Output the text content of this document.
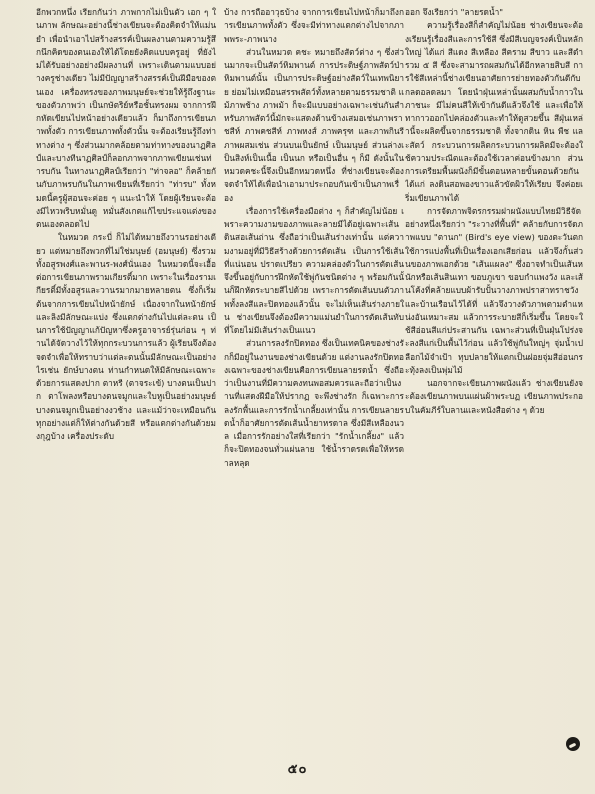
อีกพวกหนึ่ง เรียกกันว่า ภาพกากไม่เป็นตัว เอก ๆ ในภาพ ลักษณะอย่างนี้ช่างเขียนจะต้องคิดจำให้แม่นยำ เพื่อนำเอาไปสร้างสรรค์เป็นผลงานตามความรู้สึกนึกคิดของตนเองให้ได้โดยยังคิดแบบครูอยู่ ที่ยังไม่ได้รับอย่างอย่างมีผลงานที่ เพราะเดินตามแบบอย่างครูช่างเดียว ไม่มีปัญญาสร้างสรรค์เป็นฝีมือของตนเอง เครื่องทรงของภาพมนุษย์จะช่วยให้รู้ถึงฐานะของตัวภาพว่า เป็นกษัตริย์หรือชั้นทรงผม จากการฝึกหัดเขียนไปหน้าอย่างเดียวแล้ว ก็มาถึงการเขียนภาพทั้งตัว การเขียนภาพทั้งตัวนั้น จะต้องเรียนรู้ถึงท่าทางต่าง ๆ ซึ่งส่วนมากคล้อยตามท่าทางของนาฏศิลป์และบางทีนาฏศิลป์ก็ลอกภาพจากภาพเขียนเช่นท่ารบกัน ในทางนาฏศิลป์เรียกว่า "ท่าจลอ" ก็คล้ายกันกับภาพรบกันในภาพเขียนที่เรียกว่า "ท่ารบ" ทั้งหมดนี้ครูผู้สอนจะค่อย ๆ แนะนำให้ โดยผู้เรียนจะต้องมีไหวพริบหมั่นดู หมั่นสังเกตแก้ไขประแจแต่งของตนเองตลอดไป

ในหมวด กระบี่ ก็ไม่ได้หมายถึงวานรอย่างเดียว แต่หมายถึงพวกที่ไม่ใช่มนุษย์ (อมนุษย์) ซึ่งรวมทั้งอสูรพงศ์และพานร-พงศ์นั่นเอง ในหมวดนี้จะเอื้อต่อการเขียนภาพรามเกียรติ์มาก เพราะในเรื่องรามเกียรติ์มีทั้งอสูรและวานรมากมายหลายตน ซึ่งก็เริ่มต้นจากการเขียนไปหน้ายักษ์ เนื่องจากในหน้ายักษ์และลิงมีลักษณะแบ่ง ซึ่งแตกต่างกันไปแต่ละตน เป็นการใช้ปัญญาแก้ปัญหาซึ่งครูอาจารย์รุ่นก่อน ๆ ท่านได้จัดวางไว้ให้ทุกกระบวนการแล้ว ผู้เรียนจึงต้องจดจำเพื่อให้ทราบว่าแต่ละตนนั้นมีลักษณะเป็นอย่างไรเช่น ยักษ์บางตน ท่านกำหนดให้มีลักษณะเฉพาะ ด้วยการแสดงปาก ตาหรี (ตาจระเข้) บางตนเป็นปาก ตาโพลงหรือบางตนจมูกและใบหูเป็นอย่างมนุษย์บางตนจมูกเป็นอย่างงวช้าง และแม้ว่าจะเหมือนกันทุกอย่างแต่ก็ให้ต่างกันด้วยสี หรือแตกต่างกันด้วยมงกุฎบ้าง เครื่องประดับ

บ้าง การถืออาวุธบ้าง จากการเขียนไปหน้าก็มาถึงการเขียนภาพทั้งตัว ซึ่งจะมีท่าทางแตกต่างไปจากภาพพระ-ภาพนาง

ส่วนในหมวด คชะ หมายถึงสัตว์ต่าง ๆ ซึ่งส่วนมากจะเป็นสัตว์หิมพานต์ การประดิษฐ์ภาพสัตว์ป่าหิมพานต์นั้น เป็นการประดิษฐ์อย่างสัตว์ในเทพนิยาย ย่อมไม่เหมือนสรรพสัตว์ทั้งหลายตามธรรมชาติ แม้ภาพช้าง ภาพม้า ก็จะมีแบบอย่างเฉพาะเช่นกันสำหรับภาพสัตว์นี้มักจะแสดงด้านข้างเสมอเช่นภาพราชสีห์ ภาพคชสีห์ ภาพหงส์ ภาพครุฑ และภาพกินรี ภาพผสมเช่น ส่วนบนเป็นยักษ์ เป็นมนุษย์ ส่วนล่างเป็นสิงห์เป็นเนื้อ เป็นนก หรือเป็นอื่น ๆ ก็มี ดังนั้นในหมวดคชะนี้จึงเป็นอีกหมวดหนึ่ง ที่ช่างเขียนจะต้องจดจำให้ได้เพื่อนำเอามาประกอบกันเข้าเป็นภาพเรื่อง

เรื่องการใช้เครื่องมือต่าง ๆ ก็สำคัญไม่น้อย เพราะความงามของภาพและลายมีได้อยู่เฉพาะเส้นดินสอเส้นถ่าน ซึ่งถือว่าเป็นเส้นร่างเท่านั้น แต่ความงามอยู่ที่มีวิธีสร้างด้วยการตัดเส้น เป็นการใช้เส้นที่แน่นอน ปราดเปรียว ความคล่องตัวในการตัดเส้นจึงขึ้นอยู่กับการฝึกหัดใช้พู่กันชนิดต่าง ๆ พร้อมกันนั้นก็ฝึกหัดระบายสีไปด้วย เพราะการตัดเส้นบนตัวภาพทั้งลงสีและปิดทองแล้วนั้น จะไม่เห็นเส้นร่างภายใน ช่างเขียนจึงต้องมีความแม่นยำในการตัดเส้นทับที่โดยไม่มีเส้นร่างเป็นแนว

ส่วนการลงรักปิดทอง ซึ่งเป็นเทคนิคของช่างรักก็มีอยู่ในงานของช่างเขียนด้วย แต่งานลงรักปิดทองเฉพาะของช่างเขียนคือการเขียนลายรดน้ำ ซึ่งถือว่าเป็นงานที่มีความคงทนพอสมควรและถือว่าเป็นงานที่แสดงฝีมือให้ปรากฏ จะพึงช่างรัก ก็เฉพาะการลงรักพื้นและการรักน้ำเกลี้ยงเท่านั้น การเขียนลายรดน้ำก็อาศัยการตัดเส้นน้ำยาหรดาล ซึ่งมีสีเหลืองนวล เมื่อการรักอย่างใสที่เรียกว่า "รักน้ำเกลี้ยง" แล้ว ก็จะปิดทองจนทั่วแผ่นลาย ใช้น้ำราดรดเพื่อให้หรดาลหลุด

ออก จึงเรียกว่า "ลายรดน้ำ"

ความรู้เรื่องสีก็สำคัญไม่น้อย ช่างเขียนจะต้องเรียนรู้เรื่องสีและการใช้สี ซึ่งมีสีเบญจรงค์เป็นหลักใหญ่ ได้แก่ สีแดง สีเหลือง สีคราม สีขาว และสีดำ รวม ๕ สี ซึ่งจะสามารถผสมกันได้อีกหลายสิบสี การใช้สีเหล่านี้ช่างเขียนอาศัยการย่ายทองตัวกันดีกับกลดอลดลมา โดยนำฝุ่นเหล่านั้นผสมกับน้ำกาวในภาชนะ มีไม่คนสีให้เข้ากันดีแล้วจึงใช้ และเพื่อให้ทากาวออกไปคล่องตัวและทำให้ดูสวยขึ้น สีฝุ่นเหล่านี้จะผลิตขึ้นจากธรรมชาติ ทั้งจากดิน หิน พืช และสัตว์ กระบวนการผลิตกระบวนการผลิตมีจะต้องใช้ความประณีตและต้องใช้เวลาค่อนข้างมาก ส่วนการเตรียมพื้นผนังก็มีขั้นตอนหลายขั้นตอนด้วยกัน ได้แก่ ลงดินสอพองขาวแล้วขัดผิวให้เรียบ จึงค่อยเริ่มเขียนภาพได้

การจัดภาพจิตรกรรมฝาผนังแบบไทยมีวิธีจัดอย่างหนึ่งเรียกว่า "ระวางที่พื้นที่" คล้ายกับการจัดภาพแบบ "ตานก" (Bird's eye view) ของตะวันตก ใช้การแบ่งพื้นที่เป็นเรื่องเอกเสียก่อน แล้วจึงกั้นส่วนของภาพเอกด้วย "เส้นแผลง" ซึ่งอาจทำเป็นเส้นหนักหรือเส้นสินเทา ขอบภูเขา ขอบกำแพงวัง และเส้นโค้งที่คล้ายแบบผ้ารับปั้นวางภาพปราสาทราชวังและบ้านเรือนไว้ได้ที่ แล้วจึงวางตัวภาพตามตำแหน่งอันเหมาะสม แล้วการระบายสีก็เริ่มขึ้น โดยจะใช้สีอ่อนสีแก่ประสานกัน เฉพาะส่วนที่เป็นฝุ่นโปร่งจะลงสีแก่เป็นพื้นไว้ก่อน แล้วใช้พู่กันใหญ่ๆ จุ่มน้ำเปลือกไม้จำเป้า ทุบปลายให้แตกเป็นฝอยจุ่มสีอ่อนกระทุ้งลงเป็นพุ่มไม้

นอกจากจะเขียนภาพผนังแล้ว ช่างเขียนยังจะต้องเขียนภาพบนแผ่นผ้าพระบฏ เขียนภาพประกอบในคัมภีร์ใบลานและหนังสือต่าง ๆ ด้วย

๕๐
